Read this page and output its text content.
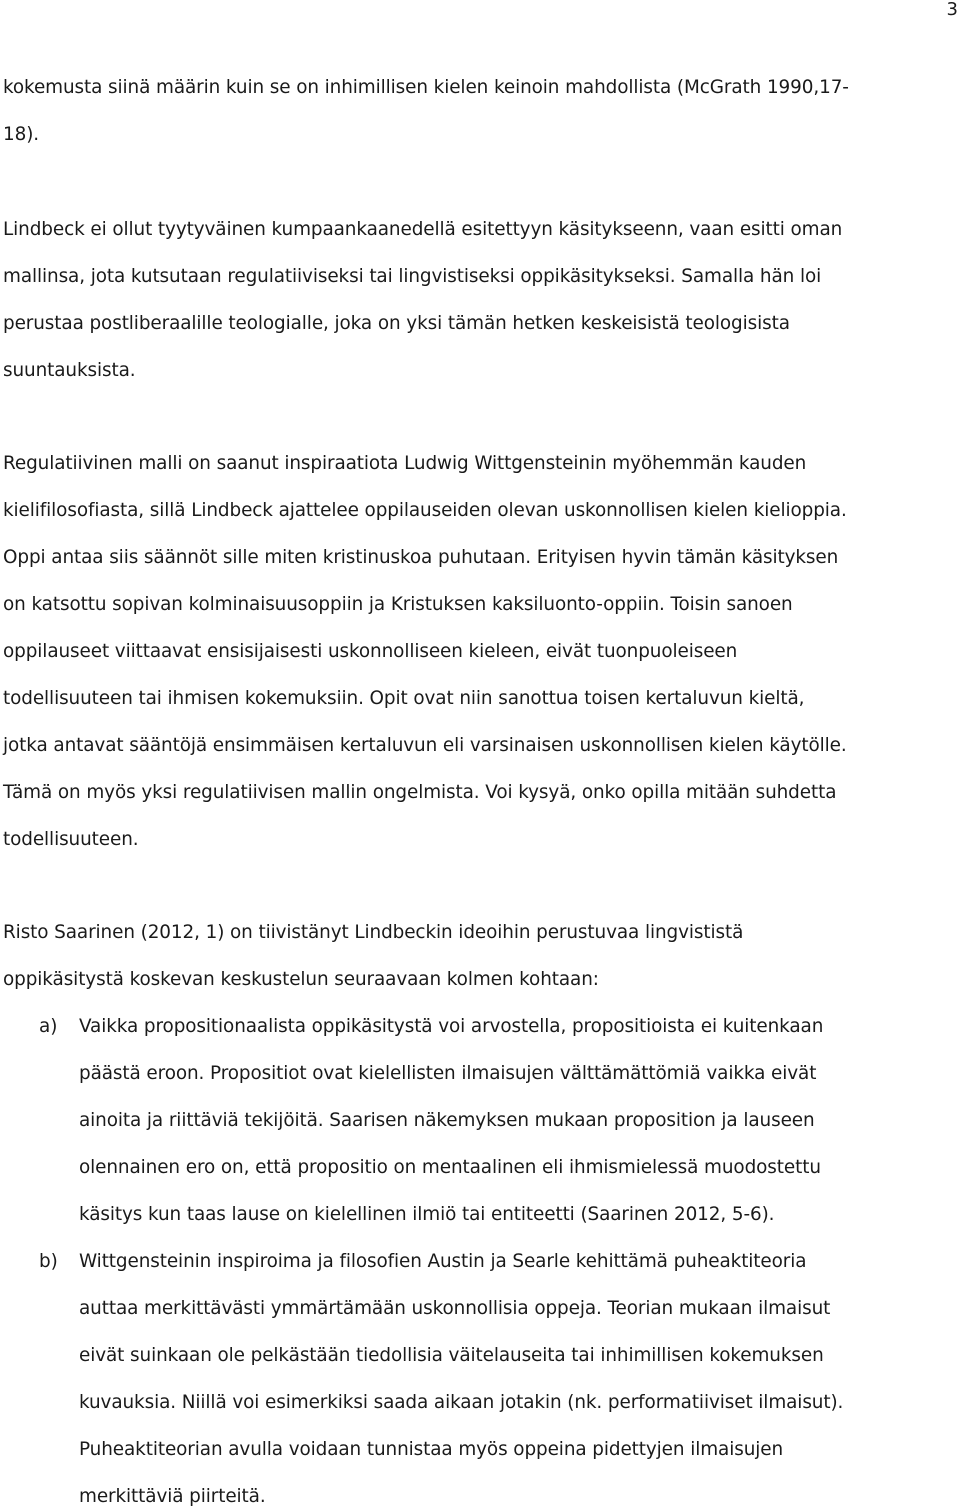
3
kokemusta siinä määrin kuin se on inhimillisen kielen keinoin mahdollista (McGrath 1990,17-
18).
Lindbeck ei ollut tyytyväinen kumpaankaanedellä esitettyyn käsitykseenn, vaan esitti oman
mallinsa, jota kutsutaan regulatiiviseksi tai lingvistiseksi oppikäsitykseksi. Samalla hän loi
perustaa postliberaalille teologialle, joka on yksi tämän hetken keskeisistä teologisista
suuntauksista.
Regulatiivinen malli on saanut inspiraatiota Ludwig Wittgensteinin myöhemmän kauden
kielifilosofiasta, sillä Lindbeck ajattelee oppilauseiden olevan uskonnollisen kielen kielioppia.
Oppi antaa siis säännöt sille miten kristinuskoa puhutaan. Erityisen hyvin tämän käsityksen
on katsottu sopivan kolminaisuusoppiin ja Kristuksen kaksiluonto-oppiin. Toisin sanoen
oppilauseet viittaavat ensisijaisesti uskonnolliseen kieleen, eivät tuonpuoleiseen
todellisuuteen tai ihmisen kokemuksiin. Opit ovat niin sanottua toisen kertaluvun kieltä,
jotka antavat sääntöjä ensimmäisen kertaluvun eli varsinaisen uskonnollisen kielen käytölle.
Tämä on myös yksi regulatiivisen mallin ongelmista. Voi kysyä, onko opilla mitään suhdetta
todellisuuteen.
Risto Saarinen (2012, 1) on tiivistänyt Lindbeckin ideoihin perustuvaa lingvististä
oppikäsitystä koskevan keskustelun seuraavaan kolmen kohtaan:
a) Vaikka propositionaalista oppikäsitystä voi arvostella, propositioista ei kuitenkaan
päästä eroon. Propositiot ovat kielellisten ilmaisujen välttämättömiä vaikka eivät
ainoita ja riittäviä tekijöitä. Saarisen näkemyksen mukaan proposition ja lauseen
olennainen ero on, että propositio on mentaalinen eli ihmismielessä muodostettu
käsitys kun taas lause on kielellinen ilmiö tai entiteetti (Saarinen 2012, 5-6).
b) Wittgensteinin inspiroima ja filosofien Austin ja Searle kehittämä puheaktiteoria
auttaa merkittävästi ymmärtämään uskonnollisia oppeja. Teorian mukaan ilmaisut
eivät suinkaan ole pelkästään tiedollisia väitelauseita tai inhimillisen kokemuksen
kuvauksia. Niillä voi esimerkiksi saada aikaan jotakin (nk. performatiiviset ilmaisut).
Puheaktiteorian avulla voidaan tunnistaa myös oppeina pidettyjen ilmaisujen
merkittäviä piirteitä.
